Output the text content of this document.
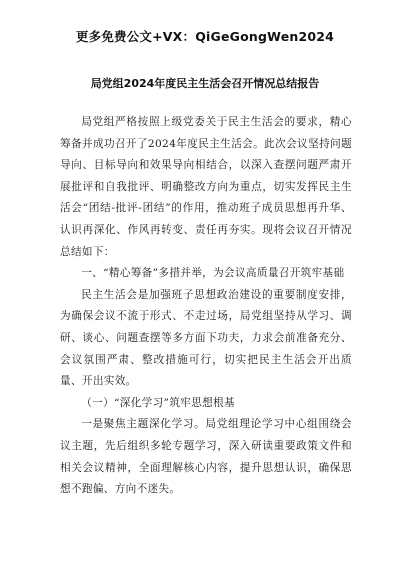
更多免费公文+VX：QiGeGongWen2024
局党组2024年度民主生活会召开情况总结报告

局党组严格按照上级党委关于民主生活会的要求，精心筹备并成功召开了2024年度民主生活会。此次会议坚持问题导向、目标导向和效果导向相结合，以深入查摆问题严肃开展批评和自我批评、明确整改方向为重点，切实发挥民主生活会“团结-批评-团结”的作用，推动班子成员思想再升华、认识再深化、作风再转变、责任再夯实。现将会议召开情况总结如下：

一、“精心筹备”多措并举，为会议高质量召开筑牢基础

民主生活会是加强班子思想政治建设的重要制度安排，为确保会议不流于形式、不走过场，局党组坚持从学习、调研、谈心、问题查摆等多方面下功夫，力求会前准备充分、会议氛围严肃、整改措施可行，切实把民主生活会开出质量、开出实效。

（一）“深化学习”筑牢思想根基

一是聚焦主题深化学习。局党组理论学习中心组围绕会议主题，先后组织多轮专题学习，深入研读重要政策文件和相关会议精神，全面理解核心内容，提升思想认识，确保思想不跑偏、方向不迷失。
